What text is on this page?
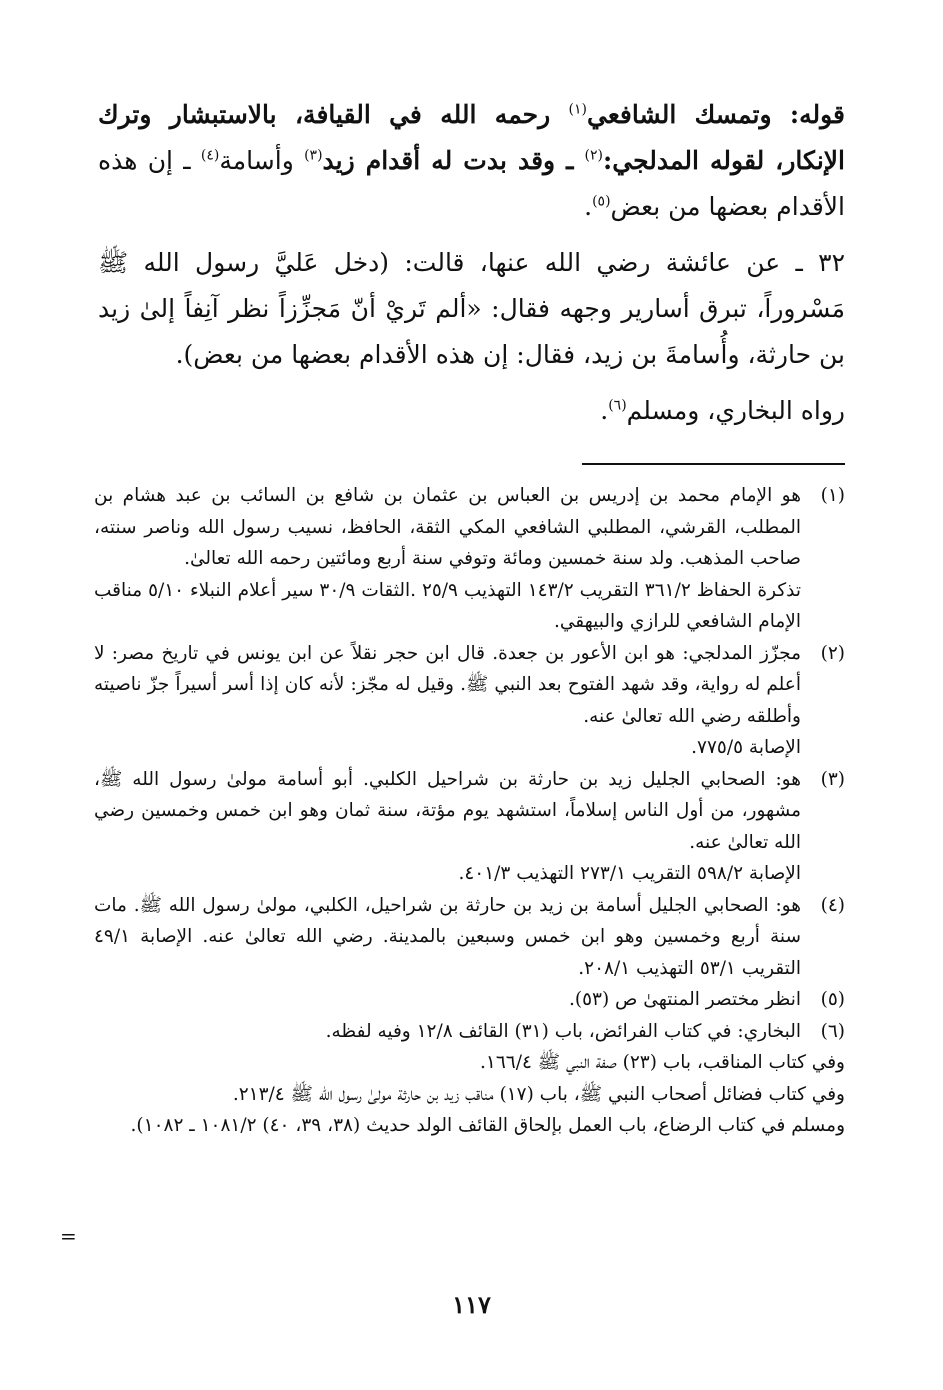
قوله: وتمسك الشافعي$^{(١)}$ رحمه الله في القيافة، بالاستبشار وترك الإنكار، لقوله المدلجي:$^{(٢)}$ ـ وقد بدت له أقدام زيد$^{(٣)}$ وأسامة$^{(٤)}$ ـ إن هذه الأقدام بعضها من بعض$^{(٥)}$.

٣٢ ـ عن عائشة رضي الله عنها، قالت: (دخل عَليَّ رسول الله ﷺ مَسْروراً، تبرق أسارير وجهه فقال: «ألم تَريْ أنّ مَجزِّزاً نظر آنِفاً إلىٰ زيد بن حارثة، وأُسامةَ بن زيد، فقال: إن هذه الأقدام بعضها من بعض).

رواه البخاري، ومسلم$^{(٦)}$.

(١)

هو الإمام محمد بن إدريس بن العباس بن عثمان بن شافع بن السائب بن عبد هشام بن المطلب، القرشي، المطلبي الشافعي المكي الثقة، الحافظ، نسيب رسول الله وناصر سنته، صاحب المذهب. ولد سنة خمسين ومائة وتوفي سنة أربع ومائتين رحمه الله تعالىٰ.

تذكرة الحفاظ ٣٦١/٢ التقريب ١٤٣/٢ التهذيب ٢٥/٩ .الثقات ٣٠/٩ سير أعلام النبلاء ٥/١٠ مناقب الإمام الشافعي للرازي والبيهقي.

(٢)

مجزّز المدلجي: هو ابن الأعور بن جعدة. قال ابن حجر نقلاً عن ابن يونس في تاريخ مصر: لا أعلم له رواية، وقد شهد الفتوح بعد النبي ﷺ. وقيل له مجّز: لأنه كان إذا أسر أسيراً جزّ ناصيته وأطلقه رضي الله تعالىٰ عنه.

الإصابة ٧٧٥/٥.

(٣)

هو: الصحابي الجليل زيد بن حارثة بن شراحيل الكلبي. أبو أسامة مولىٰ رسول الله ﷺ، مشهور، من أول الناس إسلاماً، استشهد يوم مؤتة، سنة ثمان وهو ابن خمس وخمسين رضي الله تعالىٰ عنه.

الإصابة ٥٩٨/٢ التقريب ٢٧٣/١ التهذيب ٤٠١/٣.

(٤)

هو: الصحابي الجليل أسامة بن زيد بن حارثة بن شراحيل، الكلبي، مولىٰ رسول الله ﷺ. مات سنة أربع وخمسين وهو ابن خمس وسبعين بالمدينة. رضي الله تعالىٰ عنه. الإصابة ٤٩/١ التقريب ٥٣/١ التهذيب ٢٠٨/١.

(٥)

انظر مختصر المنتهىٰ ص (٥٣).

(٦)

البخاري: في كتاب الفرائض، باب (٣١) القائف ١٢/٨ وفيه لفظه.

وفي كتاب المناقب، باب (٢٣) صفة النبي ﷺ ١٦٦/٤.

وفي كتاب فضائل أصحاب النبي ﷺ، باب (١٧) مناقب زيد بن حارثة مولىٰ رسول الله ﷺ ٢١٣/٤.

ومسلم في كتاب الرضاع، باب العمل بإلحاق القائف الولد حديث (٣٨، ٣٩، ٤٠) ١٠٨١/٢ ـ ١٠٨٢).

=
١١٧
